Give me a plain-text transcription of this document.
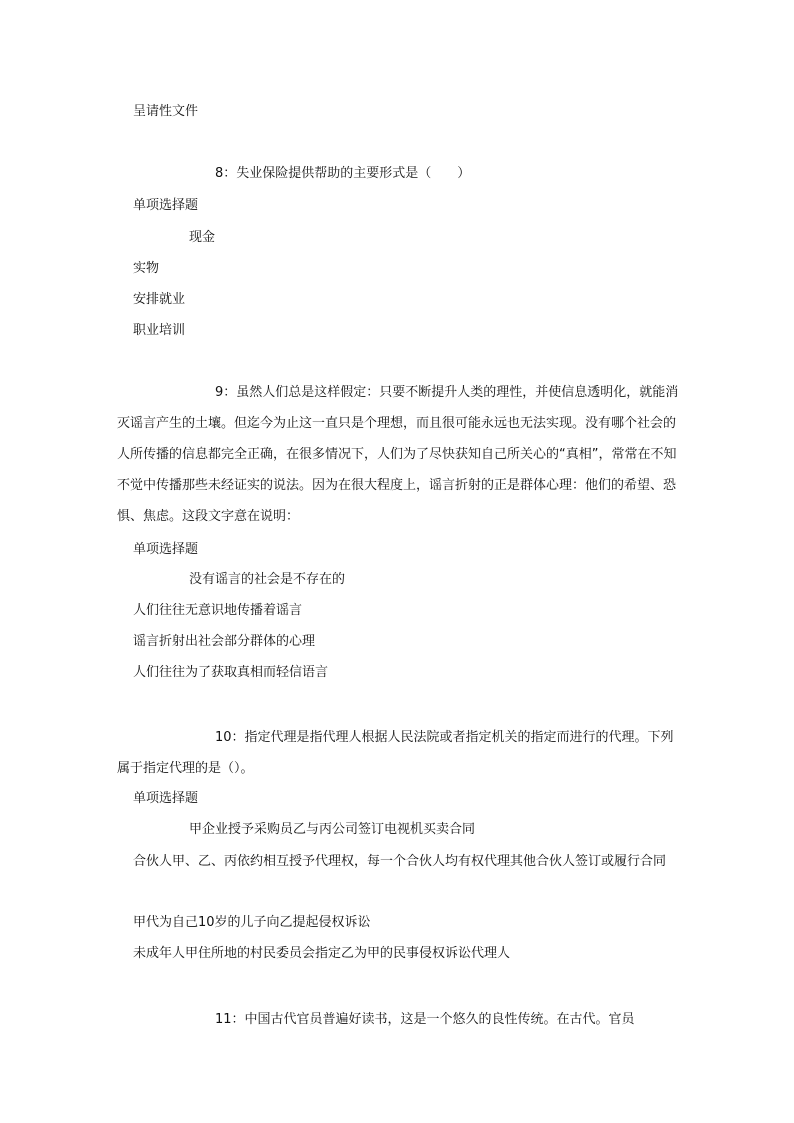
呈请性文件
8：失业保险提供帮助的主要形式是（　　）
单项选择题
现金
实物
安排就业
职业培训
9：虽然人们总是这样假定：只要不断提升人类的理性，并使信息透明化，就能消灭谣言产生的土壤。但迄今为止这一直只是个理想，而且很可能永远也无法实现。没有哪个社会的人所传播的信息都完全正确，在很多情况下，人们为了尽快获知自己所关心的“真相”，常常在不知不觉中传播那些未经证实的说法。因为在很大程度上，谣言折射的正是群体心理：他们的希望、恐惧、焦虑。这段文字意在说明：
单项选择题
没有谣言的社会是不存在的
人们往往无意识地传播着谣言
谣言折射出社会部分群体的心理
人们往往为了获取真相而轻信语言
10：指定代理是指代理人根据人民法院或者指定机关的指定而进行的代理。下列属于指定代理的是（）。
单项选择题
甲企业授予采购员乙与丙公司签订电视机买卖合同
合伙人甲、乙、丙依约相互授予代理权，每一个合伙人均有权代理其他合伙人签订或履行合同
甲代为自己10岁的儿子向乙提起侵权诉讼
未成年人甲住所地的村民委员会指定乙为甲的民事侵权诉讼代理人
11：中国古代官员普遍好读书，这是一个悠久的良性传统。在古代。官员
